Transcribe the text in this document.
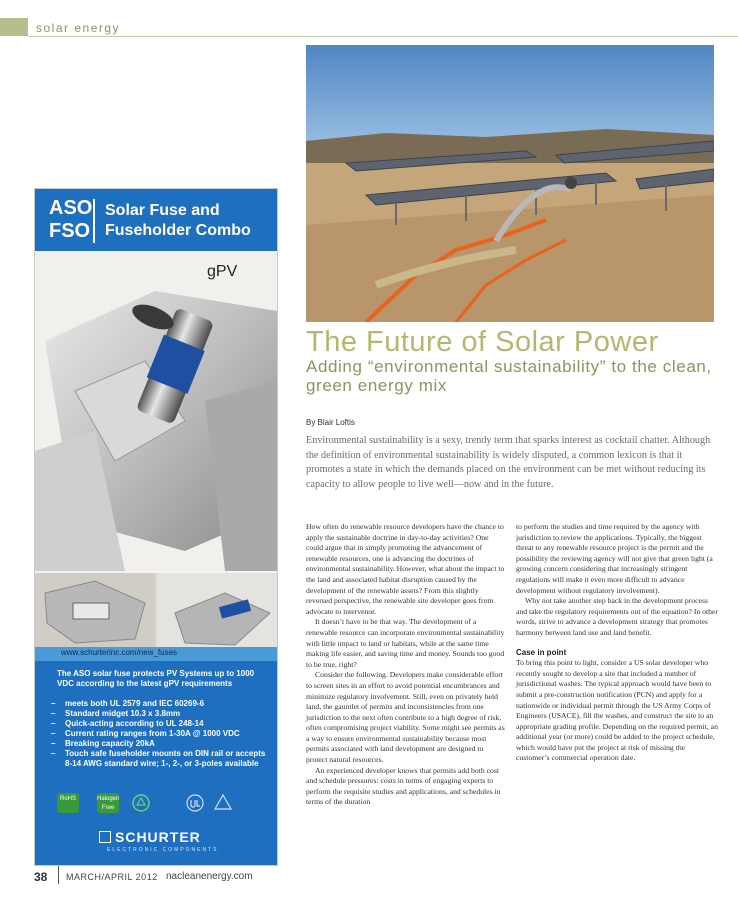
solar energy
ASO
FSO
Solar Fuse and
Fuseholder Combo
gPV
www.schurterinc.com/new_fuses
The ASO solar fuse protects PV Systems up to 1000 VDC according to the latest gPV requirements
– meets both UL 2579 and IEC 60269-6
– Standard midget 10.3 x 3.8mm
– Quick-acting according to UL 248-14
– Current rating ranges from 1-30A @ 1000 VDC
– Breaking capacity 20kA
– Touch safe fuseholder mounts on DIN rail or accepts 8-14 AWG standard wire; 1-, 2-, or 3-poles available
RoHS	Halogen Free
SCHURTER
ELECTRONIC COMPONENTS
The Future of Solar Power
Adding “environmental sustainability” to the clean, green energy mix
By Blair Loftis
Environmental sustainability is a sexy, trendy term that sparks interest as cocktail chatter. Although the definition of environmental sustainability is widely disputed, a common lexicon is that it promotes a state in which the demands placed on the environment can be met without reducing its capacity to allow people to live well—now and in the future.

How often do renewable resource developers have the chance to apply the sustainable doctrine in day-to-day activities? One could argue that in simply promoting the advancement of renewable resources, one is advancing the doctrines of environmental sustainability. However, what about the impact to the land and associated habitat disruption caused by the development of the renewable assets? From this slightly reversed perspective, the renewable site developer goes from advocate to intervenor.

It doesn’t have to be that way. The development of a renewable resource can incorporate environmental sustainability with little impact to land or habitats, while at the same time making life easier, and saving time and money. Sounds too good to be true, right?

Consider the following. Developers make considerable effort to screen sites in an effort to avoid potential encumbrances and minimize regulatory involvement. Still, even on privately held land, the gauntlet of permits and inconsistencies from one jurisdiction to the next often contribute to a high degree of risk, often compromising project viability. Some might see permits as a way to ensure environmental sustainability because most permits associated with land development are designed to protect natural resources.

An experienced developer knows that permits add both cost and schedule pressures: costs in terms of engaging experts to perform the requisite studies and applications, and schedules in terms of the duration

to perform the studies and time required by the agency with jurisdiction to review the applications. Typically, the biggest threat to any renewable resource project is the permit and the possibility the reviewing agency will not give that green light (a growing concern considering that increasingly stringent regulations will make it even more difficult to advance development without regulatory involvement).

Why not take another step back in the development process and take the regulatory requirements out of the equation? In other words, strive to advance a development strategy that promotes harmony between land use and land benefit.

Case in point

To bring this point to light, consider a US solar developer who recently sought to develop a site that included a number of jurisdictional washes. The typical approach would have been to submit a pre-construction notification (PCN) and apply for a nationwide or individual permit through the US Army Corps of Engineers (USACE), fill the washes, and construct the site to an appropriate grading profile. Depending on the required permit, an additional year (or more) could be added to the project schedule, which would have put the project at risk of missing the customer’s commercial operation date.

38 MARCH/APRIL 2012 nacleanenergy.com
